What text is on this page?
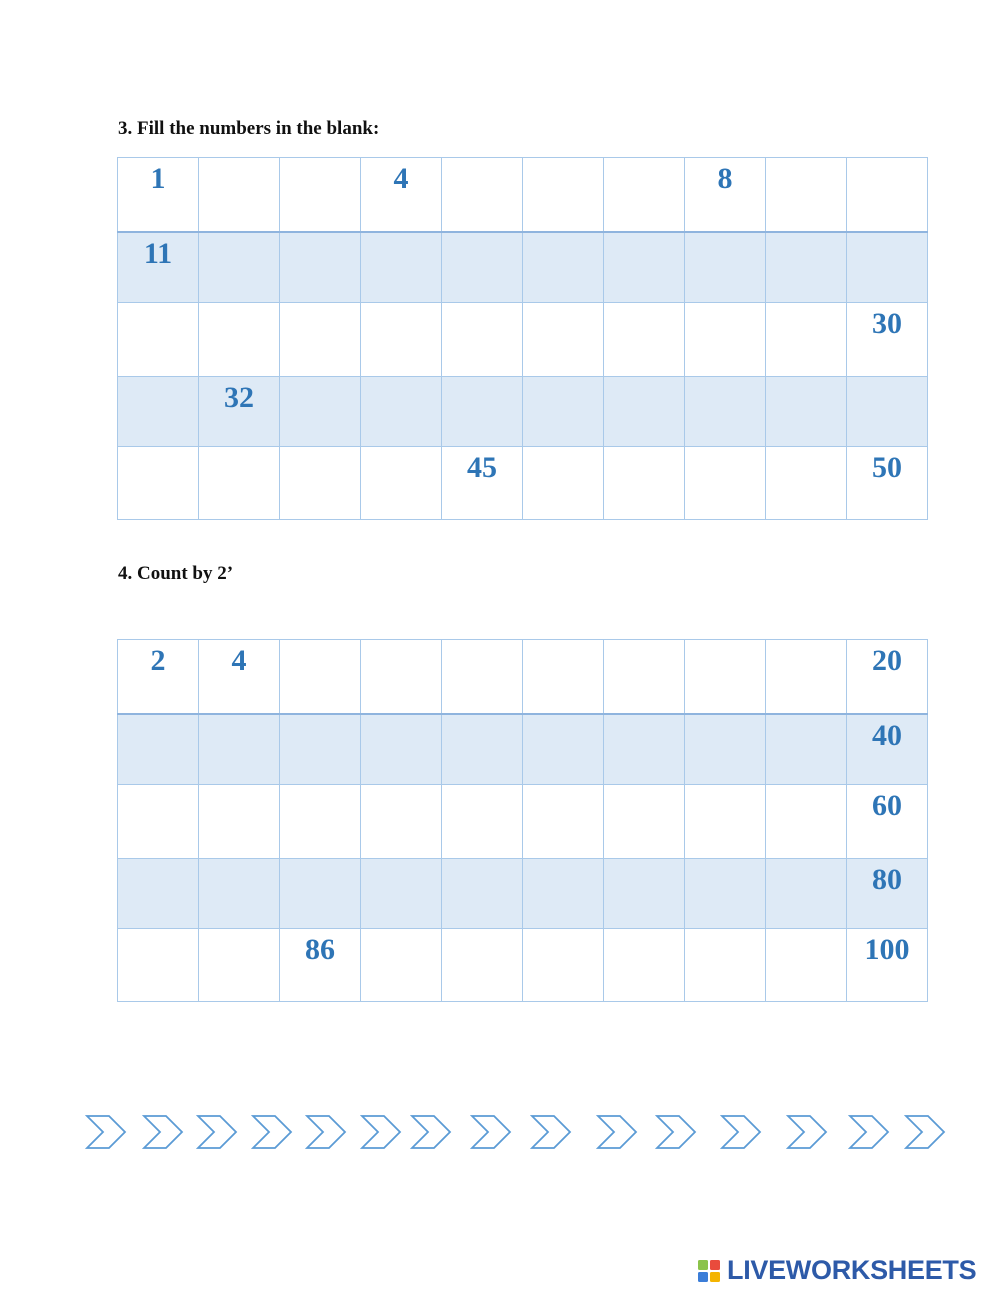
3. Fill the numbers in the blank:
1			4				8		

11									

									30

	32								

				45					50
4. Count by 2’
2	4								20

									40

									60

									80

		86							100
LIVEWORKSHEETS
